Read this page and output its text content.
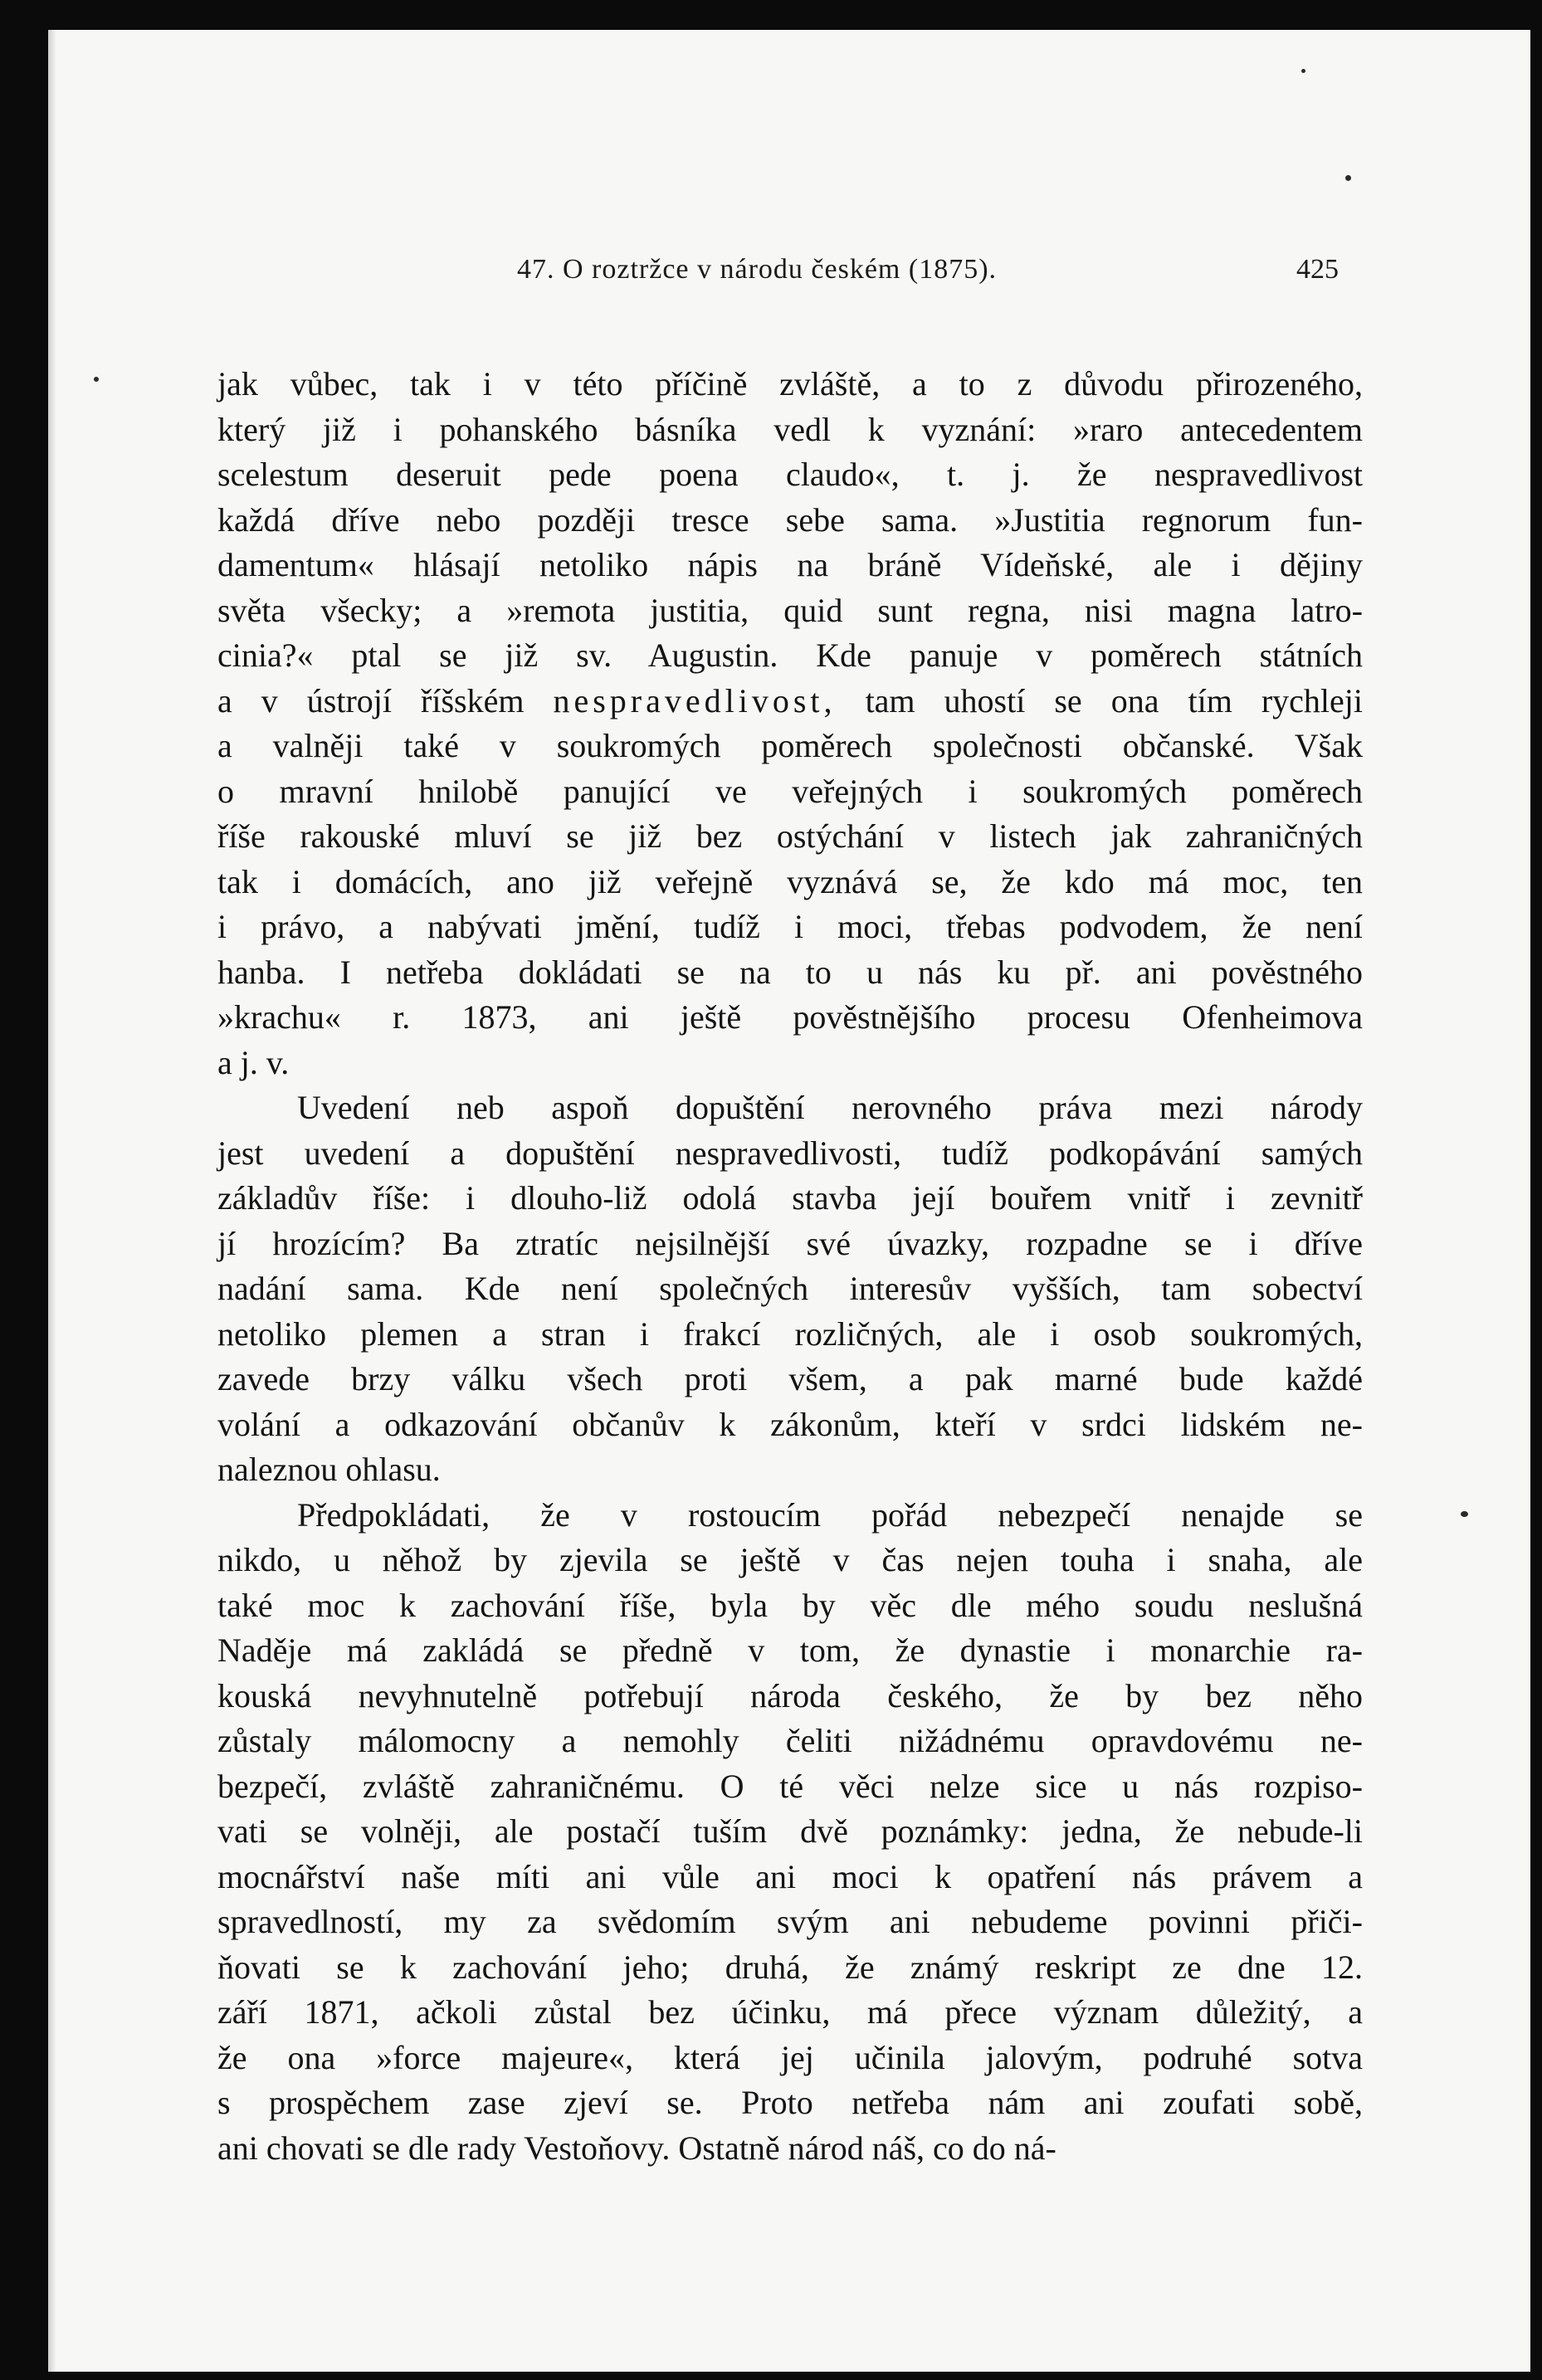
47. O roztržce v národu českém (1875).	425
jak vůbec, tak i v této příčině zvláště, a to z důvodu přirozeného,
který již i pohanského básníka vedl k vyznání: »raro antecedentem
scelestum deseruit pede poena claudo«, t. j. že nespravedlivost
každá dříve nebo později tresce sebe sama. »Justitia regnorum fun-
damentum« hlásají netoliko nápis na bráně Vídeňské, ale i dějiny
světa všecky; a »remota justitia, quid sunt regna, nisi magna latro-
cinia?« ptal se již sv. Augustin. Kde panuje v poměrech státních
a v ústrojí říšském nespravedlivost, tam uhostí se ona tím rychleji
a valněji také v soukromých poměrech společnosti občanské. Však
o mravní hnilobě panující ve veřejných i soukromých poměrech
říše rakouské mluví se již bez ostýchání v listech jak zahraničných
tak i domácích, ano již veřejně vyznává se, že kdo má moc, ten
i právo, a nabývati jmění, tudíž i moci, třebas podvodem, že není
hanba. I netřeba dokládati se na to u nás ku př. ani pověstného
»krachu« r. 1873, ani ještě pověstnějšího procesu Ofenheimova
a j. v.
Uvedení neb aspoň dopuštění nerovného práva mezi národy
jest uvedení a dopuštění nespravedlivosti, tudíž podkopávání samých
základův říše: i dlouho-liž odolá stavba její bouřem vnitř i zevnitř
jí hrozícím? Ba ztratíc nejsilnější své úvazky, rozpadne se i dříve
nadání sama. Kde není společných interesův vyšších, tam sobectví
netoliko plemen a stran i frakcí rozličných, ale i osob soukromých,
zavede brzy válku všech proti všem, a pak marné bude každé
volání a odkazování občanův k zákonům, kteří v srdci lidském ne-
naleznou ohlasu.
Předpokládati, že v rostoucím pořád nebezpečí nenajde se
nikdo, u něhož by zjevila se ještě v čas nejen touha i snaha, ale
také moc k zachování říše, byla by věc dle mého soudu neslušná
Naděje má zakládá se předně v tom, že dynastie i monarchie ra-
kouská nevyhnutelně potřebují národa českého, že by bez něho
zůstaly málomocny a nemohly čeliti nižádnému opravdovému ne-
bezpečí, zvláště zahraničnému. O té věci nelze sice u nás rozpiso-
vati se volněji, ale postačí tuším dvě poznámky: jedna, že nebude-li
mocnářství naše míti ani vůle ani moci k opatření nás právem a
spravedlností, my za svědomím svým ani nebudeme povinni přiči-
ňovati se k zachování jeho; druhá, že známý reskript ze dne 12.
září 1871, ačkoli zůstal bez účinku, má přece význam důležitý, a
že ona »force majeure«, která jej učinila jalovým, podruhé sotva
s prospěchem zase zjeví se. Proto netřeba nám ani zoufati sobě,
ani chovati se dle rady Vestoňovy. Ostatně národ náš, co do ná-
